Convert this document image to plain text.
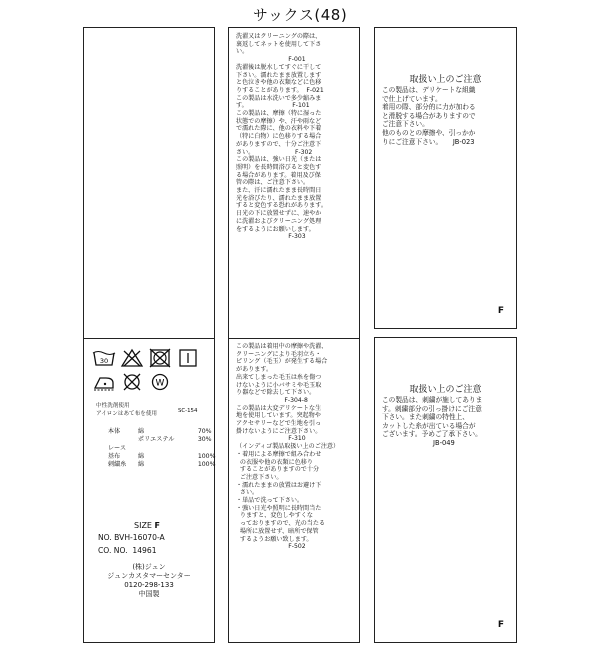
サックス(48)
30
W
中性洗剤使用
アイロンはあて布を使用	SC-154

本体	綿	70%

ポリエステル	30%

レース

基布	綿	100%

刺繍糸 綿	100%

SIZE F
NO. BVH-16070-A
CO. NO.  14961
(株)ジュン
ジュンカスタマーセンター
0120-298-133
中国製
洗濯又はクリーニングの際は、
裏返してネットを使用して下さ
い。
F-001
洗濯後は脱水してすぐに干して
下さい。濡れたまま放置します
と色泣きや他の衣類などに色移
りすることがあります。  F-021
この製品は水洗いで多少縮みま
す。                       F-101
この製品は、摩擦（特に湿った
状態での摩擦）や、汗や雨など
で濡れた際に、他の衣料や下着
（特に白物）に色移りする場合
がありますので、十分ご注意下
さい。                     F-302
この製品は、強い日光（または
照明）を長時間浴びると変色す
る場合があります。着用及び保
管の際は、ご注意下さい。
また、汗に濡れたまま長時間日
光を浴びたり、濡れたまま放置
すると変色する恐れがあります。
日光の下に放置せずに、速やか
に洗濯およびクリーニング処理
をするようにお願いします。
F-303
この製品は着用中の摩擦や洗濯、
クリーニングにより毛羽立ち・
ピリング（毛玉）が発生する場合
があります。
出来てしまった毛玉は糸を傷つ
けないように小バサミや毛玉取
り器などで除去して下さい。
F-304-8
この製品は大変デリケートな生
地を使用しています。突起物や
アクセサリーなどで生地を引っ
掛けないようにご注意下さい。
F-310
（インディゴ製品取扱い上のご注意）
・着用による摩擦で組み合わせ
の衣服や他の衣類に色移り
することがありますので十分
ご注意下さい。
・濡れたままの放置はお避け下
さい。
・単品で洗って下さい。
・強い日光や照明に長時間当た
りますと、変色しやすくな
っておりますので、光の当たる
場所に放置せず、暗所で保管
するようお願い致します。
F-502
取扱い上のご注意
この製品は、デリケートな組織
で仕上げています。
着用の際、部分的に力が加わる
と滑脱する場合がありますので
ご注意下さい。
他のものとの摩擦や、引っかか
りにご注意下さい。     JB-023
F
取扱い上のご注意
この製品は、刺繍が施してありま
す。刺繍部分の引っ掛けにご注意
下さい。また刺繍の特性上、
カットした糸が出ている場合が
ございます。予めご了承下さい。
JB-049
F
